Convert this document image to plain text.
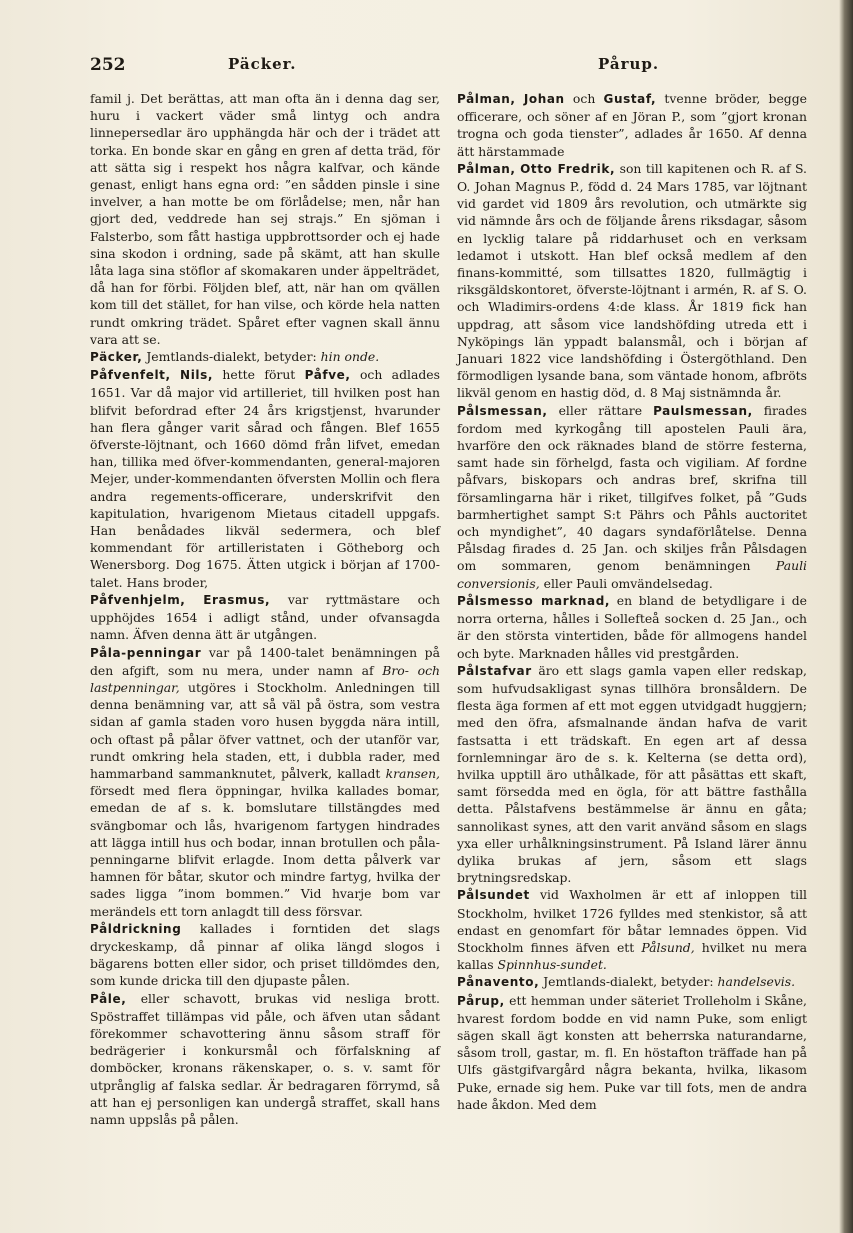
252	Päcker.	Pårup.

famil j. Det berättas, att man ofta än i denna dag ser, huru i vackert väder små lintyg och andra linnepersedlar äro upphängda här och der i trädet att torka. En bonde skar en gång en gren af detta träd, för att sätta sig i respekt hos några kalfvar, och kände genast, enligt hans egna ord: ”en sådden pinsle i sine invelver, a han motte be om förlådelse; men, når han gjort ded, veddrede han sej strajs.” En sjöman i Falsterbo, som fått hastiga uppbrottsorder och ej hade sina skodon i ordning, sade på skämt, att han skulle låta laga sina stöflor af skomakaren under äppelträdet, då han for förbi. Följden blef, att, när han om qvällen kom till det stället, for han vilse, och körde hela natten rundt omkring trädet. Spåret efter vagnen skall ännu vara att se.

Päcker, Jemtlands-dialekt, betyder: hin onde.

Påfvenfelt, Nils, hette förut Påfve, och adlades 1651. Var då major vid artilleriet, till hvilken post han blifvit befordrad efter 24 års krigstjenst, hvarunder han flera gånger varit sårad och fången. Blef 1655 öfverste-löjtnant, och 1660 dömd från lifvet, emedan han, tillika med öfver-kommendanten, general-majoren Mejer, under-kommendanten öfversten Mollin och flera andra regements-officerare, underskrifvit den kapitulation, hvarigenom Mietaus citadell uppgafs. Han benådades likväl sedermera, och blef kommendant för artilleristaten i Götheborg och Wenersborg. Dog 1675. Ätten utgick i början af 1700-talet. Hans broder,

Påfvenhjelm, Erasmus, var ryttmästare och upphöjdes 1654 i adligt stånd, under ofvansagda namn. Äfven denna ätt är utgången.

Påla-penningar var på 1400-talet benämningen på den afgift, som nu mera, under namn af Bro- och lastpenningar, utgöres i Stockholm. Anledningen till denna benämning var, att så väl på östra, som vestra sidan af gamla staden voro husen byggda nära intill, och oftast på pålar öfver vattnet, och der utanför var, rundt omkring hela staden, ett, i dubbla rader, med hammarband sammanknutet, pålverk, kalladt kransen, försedt med flera öppningar, hvilka kallades bomar, emedan de af s. k. bomslutare tillstängdes med svängbomar och lås, hvarigenom fartygen hindrades att lägga intill hus och bodar, innan brotullen och påla-penningarne blifvit erlagde. Inom detta pålverk var hamnen för båtar, skutor och mindre fartyg, hvilka der sades ligga ”inom bommen.” Vid hvarje bom var merändels ett torn anlagdt till dess försvar.

Påldrickning kallades i forntiden det slags dryckeskamp, då pinnar af olika längd slogos i bägarens botten eller sidor, och priset tilldömdes den, som kunde dricka till den djupaste pålen.

Påle, eller schavott, brukas vid nesliga brott. Spöstraffet tillämpas vid påle, och äfven utan sådant förekommer schavottering ännu såsom straff för bedrägerier i konkursmål och förfalskning af domböcker, kronans räkenskaper, o. s. v. samt för utprånglig af falska sedlar. Är bedragaren förrymd, så att han ej personligen kan undergå straffet, skall hans namn uppslås på pålen.

Pålman, Johan och Gustaf, tvenne bröder, begge officerare, och söner af en Jöran P., som ”gjort kronan trogna och goda tienster”, adlades år 1650. Af denna ätt härstammade

Pålman, Otto Fredrik, son till kapitenen och R. af S. O. Johan Magnus P., född d. 24 Mars 1785, var löjtnant vid gardet vid 1809 års revolution, och utmärkte sig vid nämnde års och de följande årens riksdagar, såsom en lycklig talare på riddarhuset och en verksam ledamot i utskott. Han blef också medlem af den finans-kommitté, som tillsattes 1820, fullmägtig i riksgäldskontoret, öfverste-löjtnant i armén, R. af S. O. och Wladimirs-ordens 4:de klass. År 1819 fick han uppdrag, att såsom vice landshöfding utreda ett i Nyköpings län yppadt balansmål, och i början af Januari 1822 vice landshöfding i Östergöthland. Den förmodligen lysande bana, som väntade honom, afbröts likväl genom en hastig död, d. 8 Maj sistnämnda år.

Pålsmessan, eller rättare Paulsmessan, firades fordom med kyrkogång till apostelen Pauli ära, hvarföre den ock räknades bland de större festerna, samt hade sin förhelgd, fasta och vigiliam. Af fordne påfvars, biskopars och andras bref, skrifna till församlingarna här i riket, tillgifves folket, på ”Guds barmhertighet sampt S:t Pährs och Påhls auctoritet och myndighet”, 40 dagars syndaförlåtelse. Denna Pålsdag firades d. 25 Jan. och skiljes från Pålsdagen om sommaren, genom benämningen Pauli conversionis, eller Pauli omvändelsedag.

Pålsmesso marknad, en bland de betydligare i de norra orterna, hålles i Sollefteå socken d. 25 Jan., och är den största vintertiden, både för allmogens handel och byte. Marknaden hålles vid prestgården.

Pålstafvar äro ett slags gamla vapen eller redskap, som hufvudsakligast synas tillhöra bronsåldern. De flesta äga formen af ett mot eggen utvidgadt huggjern; med den öfra, afsmalnande ändan hafva de varit fastsatta i ett trädskaft. En egen art af dessa fornlemningar äro de s. k. Kelterna (se detta ord), hvilka upptill äro uthålkade, för att påsättas ett skaft, samt försedda med en ögla, för att bättre fasthålla detta. Pålstafvens bestämmelse är ännu en gåta; sannolikast synes, att den varit använd såsom en slags yxa eller urhålkningsinstrument. På Island lärer ännu dylika brukas af jern, såsom ett slags brytningsredskap.

Pålsundet vid Waxholmen är ett af inloppen till Stockholm, hvilket 1726 fylldes med stenkistor, så att endast en genomfart för båtar lemnades öppen. Vid Stockholm finnes äfven ett Pålsund, hvilket nu mera kallas Spinnhus-sundet.

Pånavento, Jemtlands-dialekt, betyder: handelsevis.

Pårup, ett hemman under säteriet Trolleholm i Skåne, hvarest fordom bodde en vid namn Puke, som enligt sägen skall ägt konsten att beherrska naturandarne, såsom troll, gastar, m. fl. En höstafton träffade han på Ulfs gästgifvargård några bekanta, hvilka, likasom Puke, ernade sig hem. Puke var till fots, men de andra hade åkdon. Med dem
